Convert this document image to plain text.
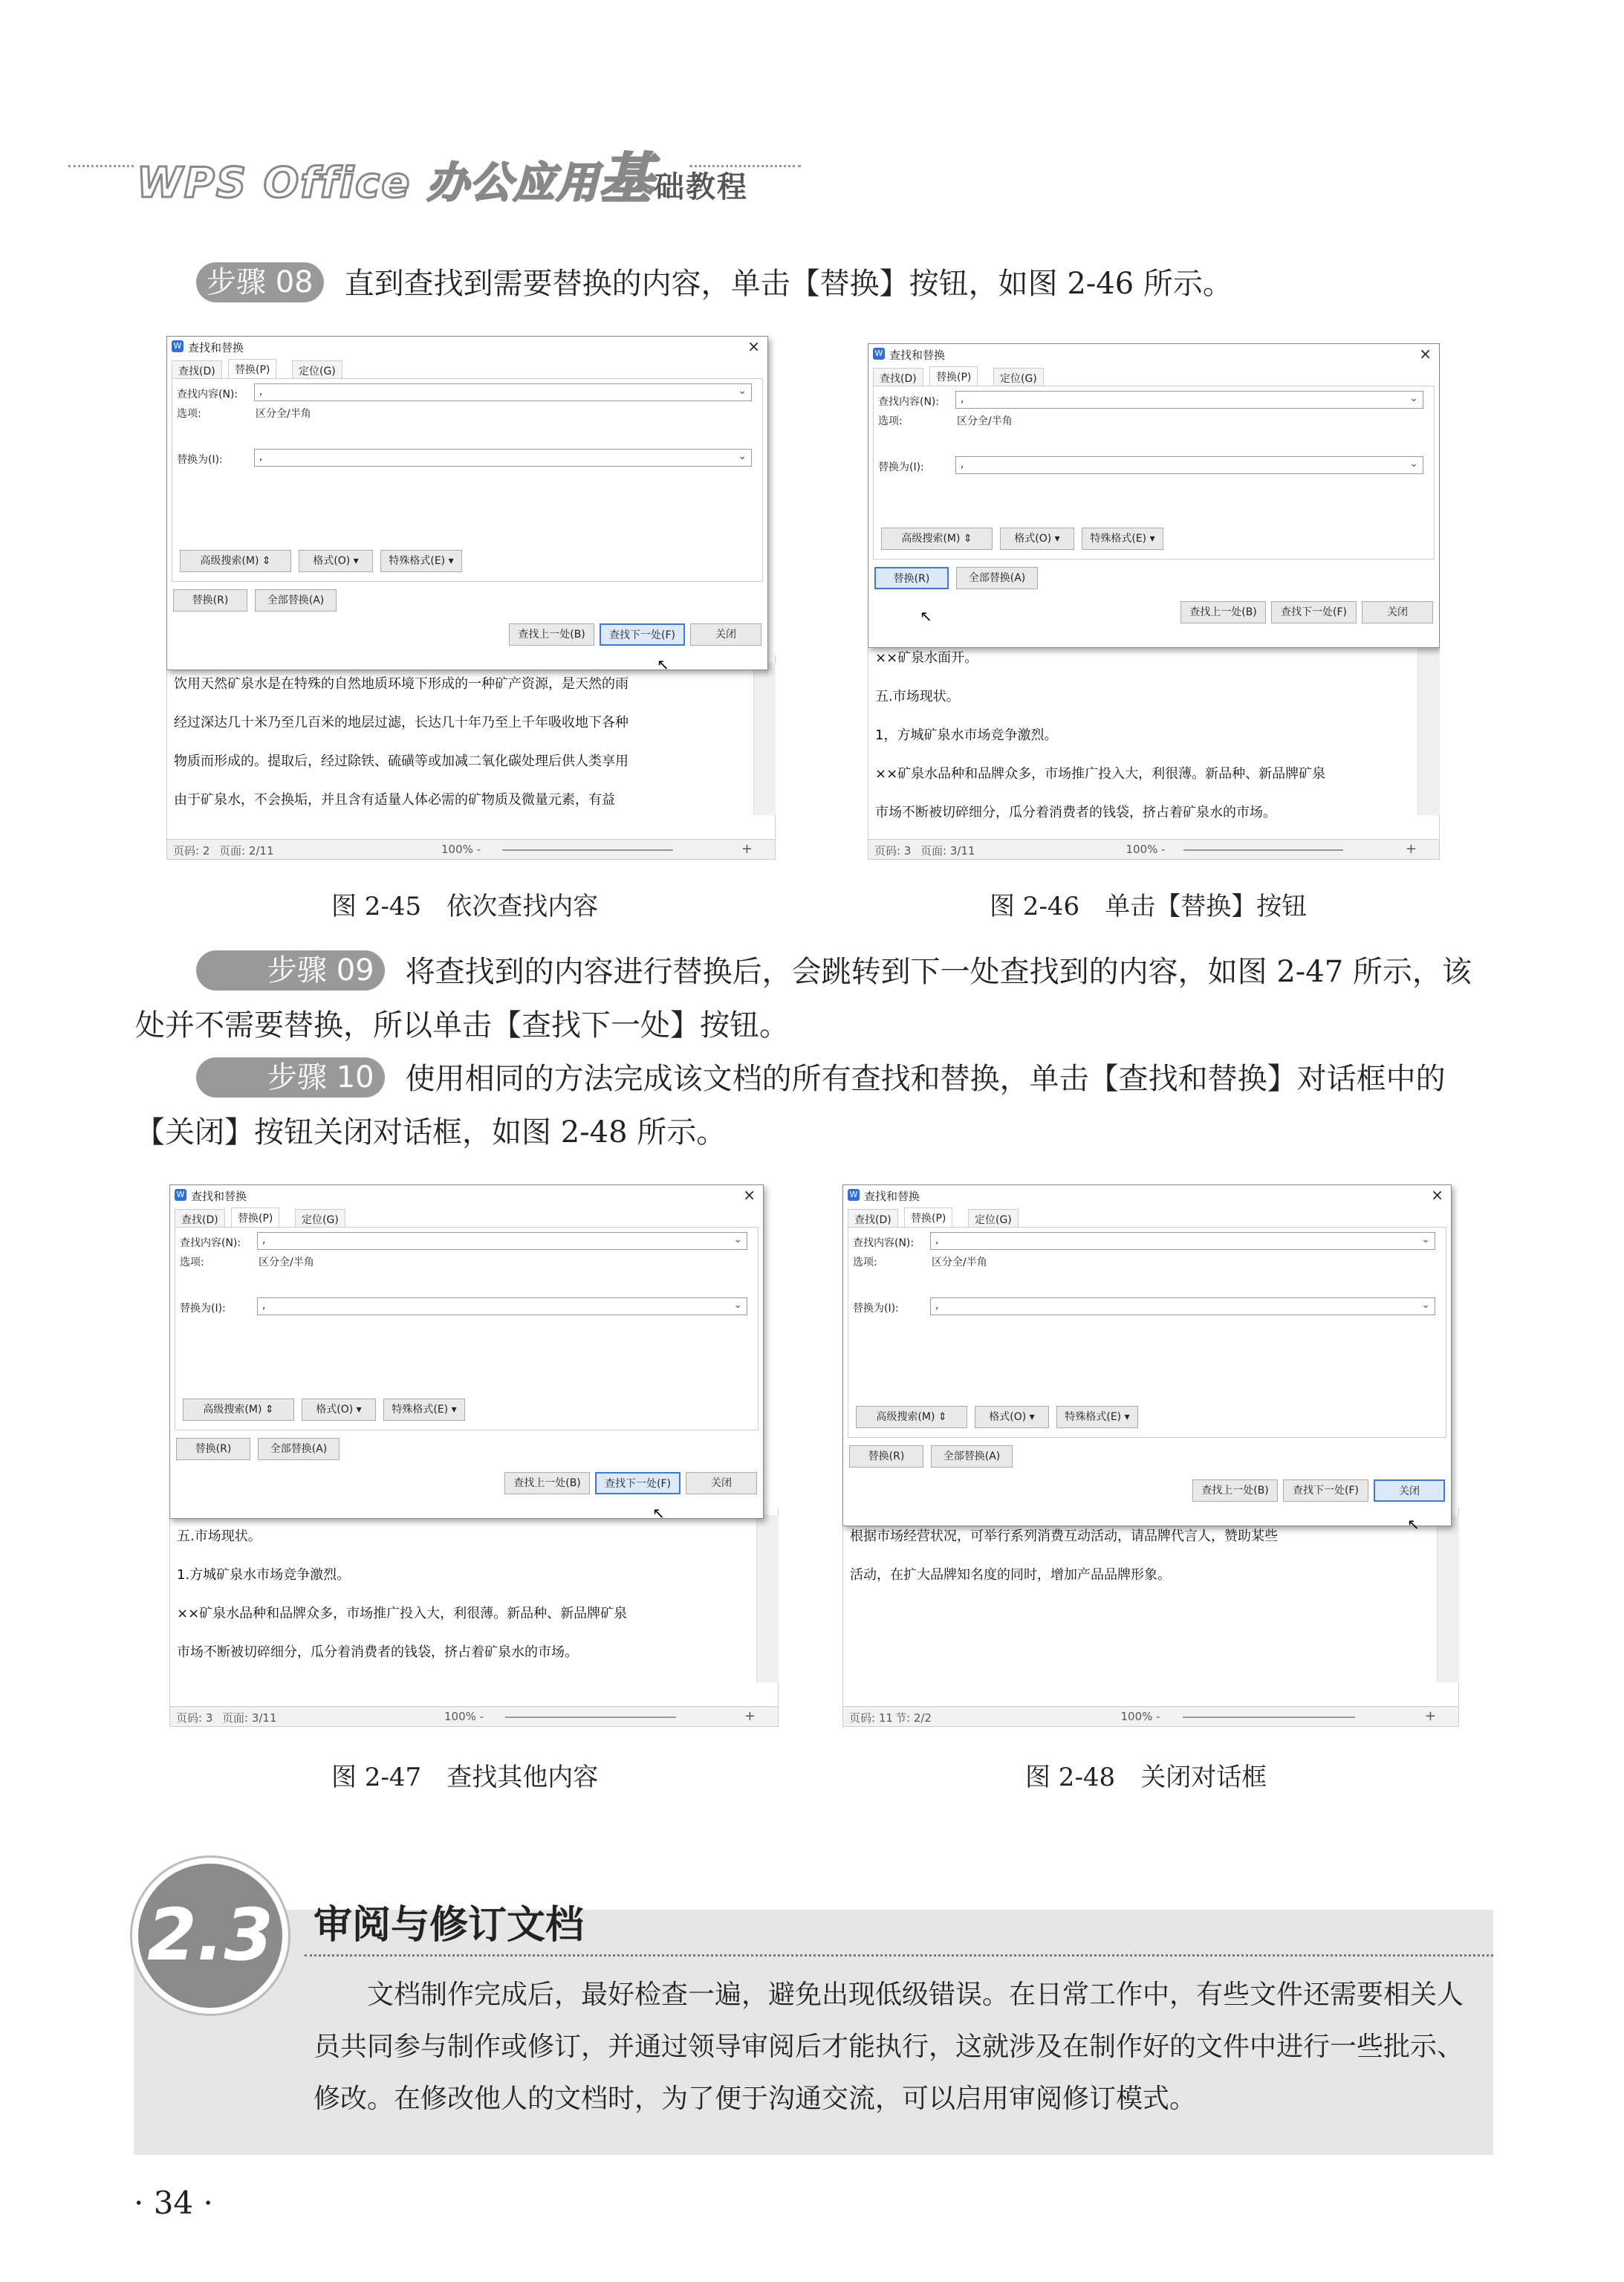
WPS Office 办公应用基础教程
步骤 08 直到查找到需要替换的内容，单击【替换】按钮，如图 2-46 所示。
饮用天然矿泉水是在特殊的自然地质环境下形成的一种矿产资源，是天然的雨
经过深达几十米乃至几百米的地层过滤，长达几十年乃至上千年吸收地下各种
物质而形成的。提取后，经过除铁、硫磺等或加减二氧化碳处理后供人类享用
由于矿泉水，不会换垢，并且含有适量人体必需的矿物质及微量元素，有益
页码: 2 页面: 2/11	100% -	+
W 查找和替换	×
查找(D)	替换(P)	定位(G)
查找内容(N):	,	⌄
选项:	区分全/半角
替换为(I):	,	⌄
高级搜索(M) ⇕	格式(O) ▾	特殊格式(E) ▾
替换(R)	全部替换(A)
查找上一处(B)	查找下一处(F)	关闭
↖	××矿泉水面开。
五.市场现状。
1，方城矿泉水市场竞争激烈。
××矿泉水品种和品牌众多，市场推广投入大，利很薄。新品种、新品牌矿泉
市场不断被切碎细分，瓜分着消费者的钱袋，挤占着矿泉水的市场。
页码: 3 页面: 3/11	100% -	+
W 查找和替换	×
查找(D)	替换(P)	定位(G)
查找内容(N):	,	⌄
选项:	区分全/半角
替换为(I):	,	⌄
高级搜索(M) ⇕	格式(O) ▾	特殊格式(E) ▾
替换(R)	全部替换(A)
查找上一处(B)	查找下一处(F)	关闭
↖
图 2-45　依次查找内容	图 2-46　单击【替换】按钮
步骤 09 将查找到的内容进行替换后，会跳转到下一处查找到的内容，如图 2-47 所示，该处并不需要替换，所以单击【查找下一处】按钮。
步骤 10 使用相同的方法完成该文档的所有查找和替换，单击【查找和替换】对话框中的【关闭】按钮关闭对话框，如图 2-48 所示。
五.市场现状。
1.方城矿泉水市场竞争激烈。
××矿泉水品种和品牌众多，市场推广投入大，利很薄。新品种、新品牌矿泉
市场不断被切碎细分，瓜分着消费者的钱袋，挤占着矿泉水的市场。
页码: 3 页面: 3/11	100% -	+
W 查找和替换	×
查找(D)	替换(P)	定位(G)
查找内容(N):	,	⌄
选项:	区分全/半角
替换为(I):	,	⌄
高级搜索(M) ⇕	格式(O) ▾	特殊格式(E) ▾
替换(R)	全部替换(A)
查找上一处(B)	查找下一处(F)	关闭
↖
根据市场经营状况，可举行系列消费互动活动，请品牌代言人，赞助某些
活动，在扩大品牌知名度的同时，增加产品品牌形象。
页码: 11 节: 2/2	100% -	+
W 查找和替换	×
查找(D)	替换(P)	定位(G)
查找内容(N):	,	⌄
选项:	区分全/半角
替换为(I):	,	⌄
高级搜索(M) ⇕	格式(O) ▾	特殊格式(E) ▾
替换(R)	全部替换(A)
查找上一处(B)	查找下一处(F)	关闭
↖
图 2-47　查找其他内容	图 2-48　关闭对话框
2.3 审阅与修订文档
文档制作完成后，最好检查一遍，避免出现低级错误。在日常工作中，有些文件还需要相关人员共同参与制作或修订，并通过领导审阅后才能执行，这就涉及在制作好的文件中进行一些批示、修改。在修改他人的文档时，为了便于沟通交流，可以启用审阅修订模式。
· 34 ·
